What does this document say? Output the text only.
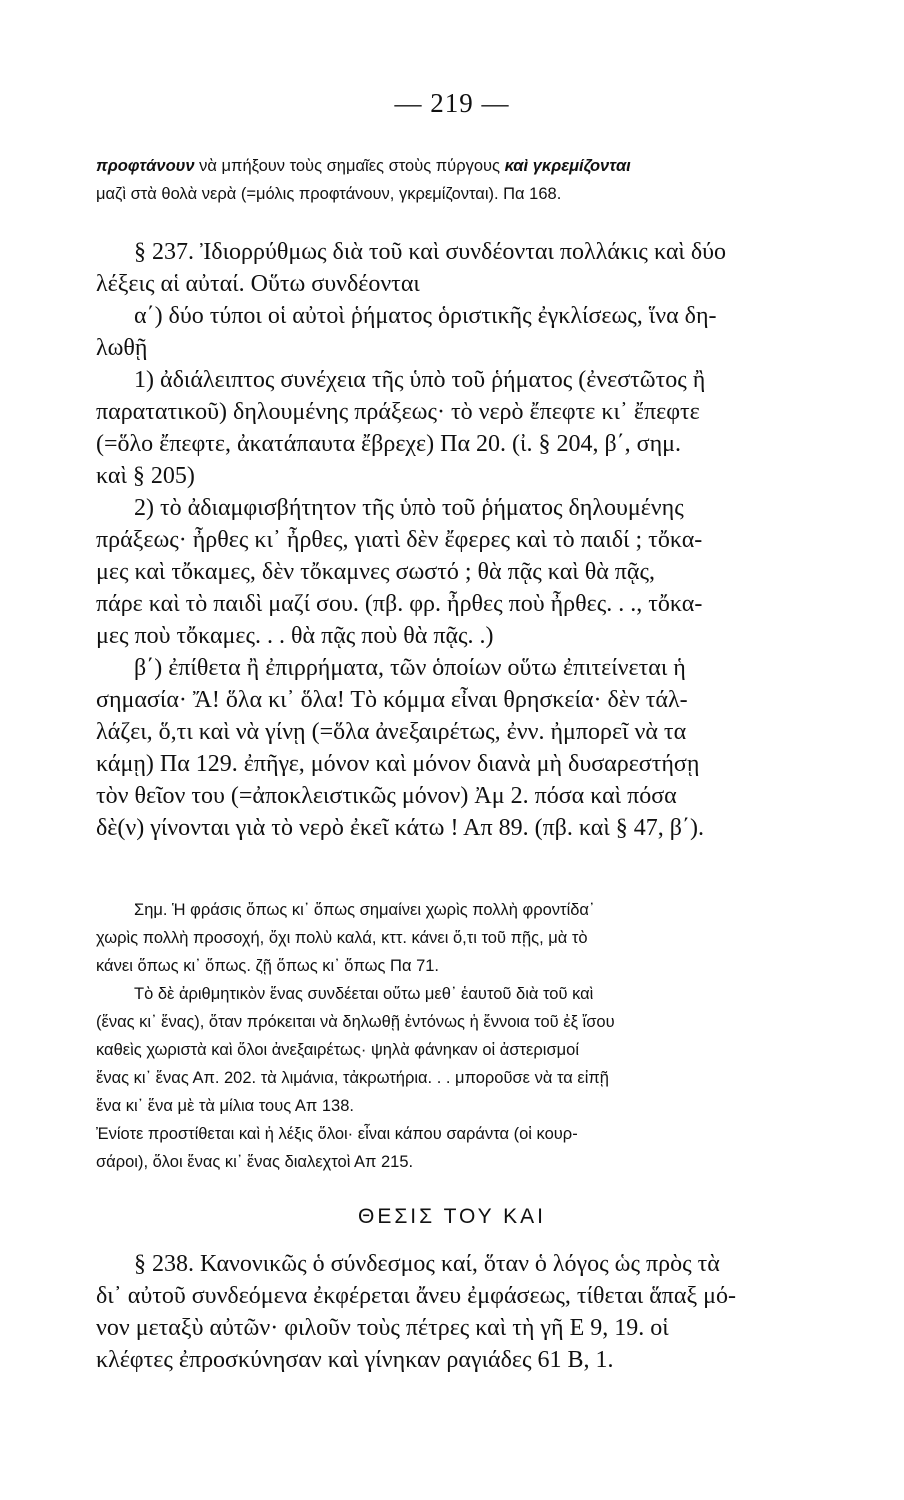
— 219 —
προφτάνουν νὰ μπήξουν τοὺς σημαῖες στοὺς πύργους καὶ γκρεμίζονται
μαζὶ στὰ θολὰ νερὰ (=μόλις προφτάνουν, γκρεμίζονται). Πα 168.
§ 237. Ἰδιορρύθμως διὰ τοῦ καὶ συνδέονται πολλάκις καὶ δύο
λέξεις αἱ αὐταί. Οὕτω συνδέονται
α΄) δύο τύποι οἱ αὐτοὶ ῥήματος ὁριστικῆς ἐγκλίσεως, ἵνα δη-
λωθῇ
1) ἀδιάλειπτος συνέχεια τῆς ὑπὸ τοῦ ῥήματος (ἐνεστῶτος ἢ
παρατατικοῦ) δηλουμένης πράξεως· τὸ νερὸ ἔπεφτε κι᾿ ἔπεφτε
(=ὅλο ἔπεφτε, ἀκατάπαυτα ἔβρεχε) Πα 20. (ἰ. § 204, β΄, σημ.
καὶ § 205)
2) τὸ ἀδιαμφισβήτητον τῆς ὑπὸ τοῦ ῥήματος δηλουμένης
πράξεως· ἦρθες κι᾿ ἦρθες, γιατὶ δὲν ἔφερες καὶ τὸ παιδί ; τὄκα-
μες καὶ τὄκαμες, δὲν τὄκαμνες σωστό ; θὰ πᾷς καὶ θὰ πᾷς,
πάρε καὶ τὸ παιδὶ μαζί σου. (πβ. φρ. ἦρθες ποὺ ἦρθες. . ., τὄκα-
μες ποὺ τὄκαμες. . . θὰ πᾷς ποὺ θὰ πᾷς. .)
β΄) ἐπίθετα ἢ ἐπιρρήματα, τῶν ὁποίων οὕτω ἐπιτείνεται ἡ
σημασία· Ἄ! ὅλα κι᾿ ὅλα! Τὸ κόμμα εἶναι θρησκεία· δὲν τάλ-
λάζει, ὅ,τι καὶ νὰ γίνῃ (=ὅλα ἀνεξαιρέτως, ἐνν. ἠμπορεῖ νὰ τα
κάμῃ) Πα 129. ἐπῆγε, μόνον καὶ μόνον διανὰ μὴ δυσαρεστήσῃ
τὸν θεῖον του (=ἀποκλειστικῶς μόνον) Ἀμ 2. πόσα καὶ πόσα
δὲ(ν) γίνονται γιὰ τὸ νερὸ ἐκεῖ κάτω ! Απ 89. (πβ. καὶ § 47, β΄).
Σημ. Ἡ φράσις ὅπως κι᾿ ὅπως σημαίνει χωρὶς πολλὴ φροντίδα᾿
χωρὶς πολλὴ προσοχή, ὄχι πολὺ καλά, κττ. κάνει ὅ,τι τοῦ πῇς, μὰ τὸ
κάνει ὅπως κι᾿ ὅπως. ζῇ ὅπως κι᾿ ὅπως Πα 71.
Τὸ δὲ ἀριθμητικὸν ἕνας συνδέεται οὕτω μεθ᾿ ἑαυτοῦ διὰ τοῦ καὶ
(ἕνας κι᾿ ἕνας), ὅταν πρόκειται νὰ δηλωθῇ ἐντόνως ἡ ἔννοια τοῦ ἐξ ἴσου
καθεὶς χωριστὰ καὶ ὅλοι ἀνεξαιρέτως· ψηλὰ φάνηκαν οἱ ἀστερισμοί
ἕνας κι᾿ ἕνας Απ. 202. τὰ λιμάνια, τἀκρωτήρια. . . μποροῦσε νὰ τα εἰπῇ
ἕνα κι᾿ ἕνα μὲ τὰ μίλια τους Απ 138.
Ἐνίοτε προστίθεται καὶ ἡ λέξις ὅλοι· εἶναι κάπου σαράντα (οἱ κουρ-
σάροι), ὅλοι ἕνας κι᾿ ἕνας διαλεχτοὶ Απ 215.
ΘΕΣΙΣ ΤΟΥ ΚΑΙ
§ 238. Κανονικῶς ὁ σύνδεσμος καί, ὅταν ὁ λόγος ὡς πρὸς τὰ
δι᾿ αὐτοῦ συνδεόμενα ἐκφέρεται ἄνευ ἐμφάσεως, τίθεται ἅπαξ μό-
νον μεταξὺ αὐτῶν· φιλοῦν τοὺς πέτρες καὶ τὴ γῆ Ε 9, 19. οἱ
κλέφτες ἐπροσκύνησαν καὶ γίνηκαν ραγιάδες 61 Β, 1.
